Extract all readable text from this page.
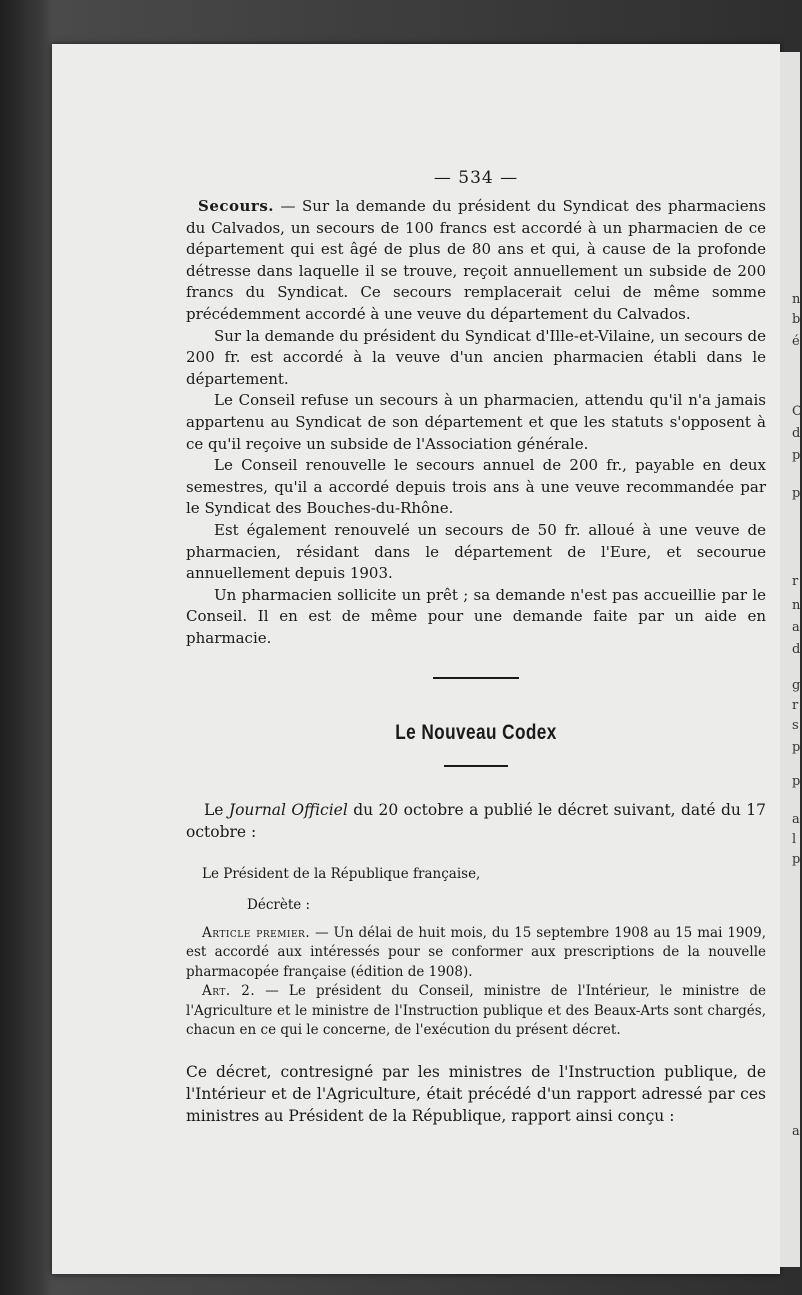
n
b
é
C
d
p
p
r
n
a
d
g
r
s
p
p
a
l
p
a
— 534 —

Secours. — Sur la demande du président du Syndicat des pharmaciens du Calvados, un secours de 100 francs est accordé à un pharmacien de ce département qui est âgé de plus de 80 ans et qui, à cause de la profonde détresse dans laquelle il se trouve, reçoit annuellement un subside de 200 francs du Syndicat. Ce secours remplacerait celui de même somme précédemment accordé à une veuve du département du Calvados.

Sur la demande du président du Syndicat d'Ille-et-Vilaine, un secours de 200 fr. est accordé à la veuve d'un ancien pharmacien établi dans le département.

Le Conseil refuse un secours à un pharmacien, attendu qu'il n'a jamais appartenu au Syndicat de son département et que les statuts s'opposent à ce qu'il reçoive un subside de l'Association générale.

Le Conseil renouvelle le secours annuel de 200 fr., payable en deux semestres, qu'il a accordé depuis trois ans à une veuve recommandée par le Syndicat des Bouches-du-Rhône.

Est également renouvelé un secours de 50 fr. alloué à une veuve de pharmacien, résidant dans le département de l'Eure, et secourue annuellement depuis 1903.

Un pharmacien sollicite un prêt ; sa demande n'est pas accueillie par le Conseil. Il en est de même pour une demande faite par un aide en pharmacie.

Le Nouveau Codex

Le Journal Officiel du 20 octobre a publié le décret suivant, daté du 17 octobre :

Le Président de la République française,

Décrète :

Article premier. — Un délai de huit mois, du 15 septembre 1908 au 15 mai 1909, est accordé aux intéressés pour se conformer aux prescriptions de la nouvelle pharmacopée française (édition de 1908).

Art. 2. — Le président du Conseil, ministre de l'Intérieur, le ministre de l'Agriculture et le ministre de l'Instruction publique et des Beaux-Arts sont chargés, chacun en ce qui le concerne, de l'exécution du présent décret.

Ce décret, contresigné par les ministres de l'Instruction publique, de l'Intérieur et de l'Agriculture, était précédé d'un rapport adressé par ces ministres au Président de la République, rapport ainsi conçu :
